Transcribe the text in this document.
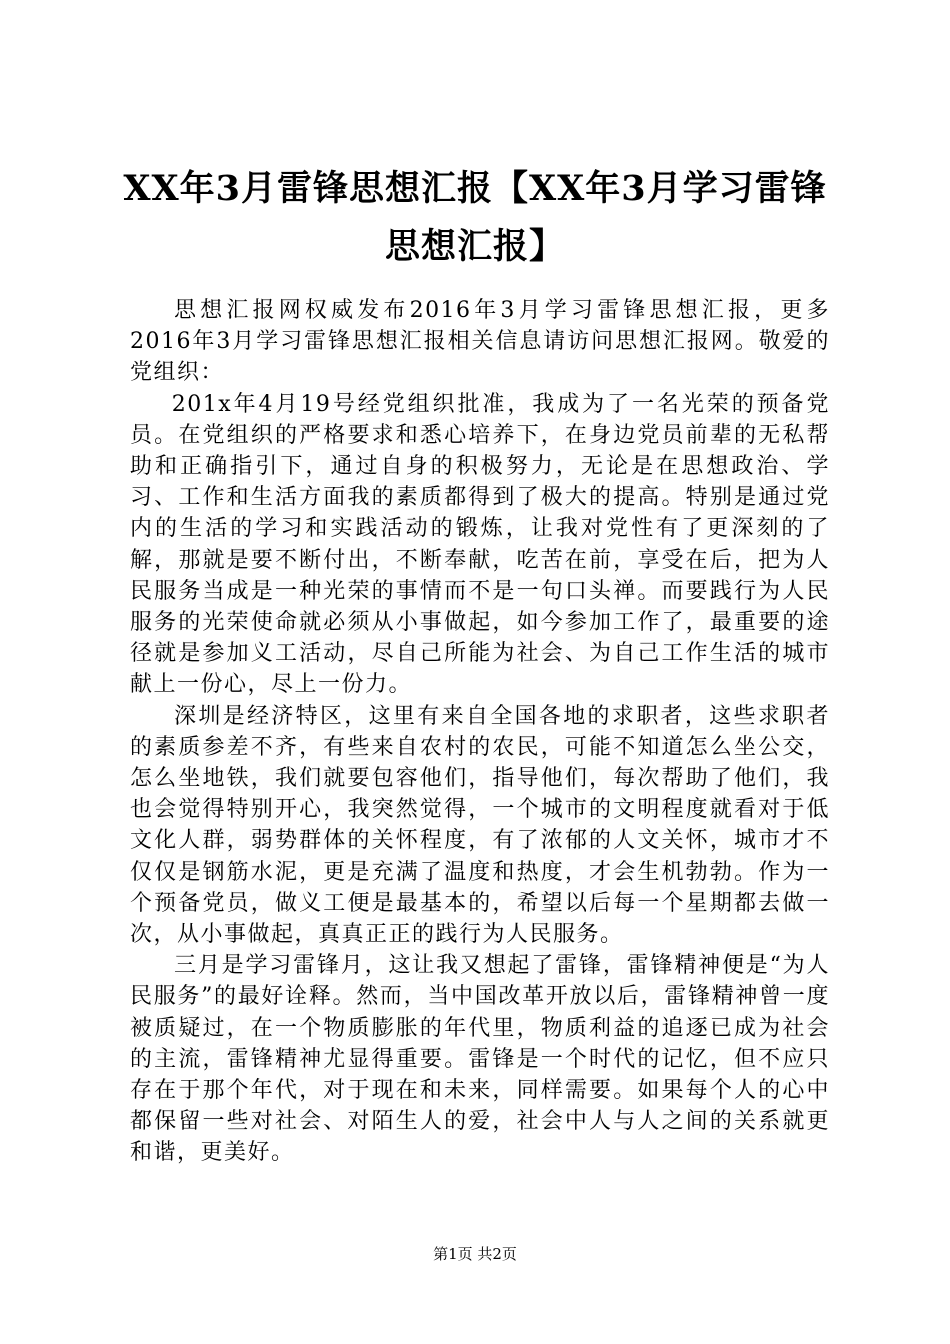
XX年3月雷锋思想汇报【XX年3月学习雷锋思想汇报】

思想汇报网权威发布2016年3月学习雷锋思想汇报，更多2016年3月学习雷锋思想汇报相关信息请访问思想汇报网。敬爱的党组织：

201x年4月19号经党组织批准，我成为了一名光荣的预备党员。在党组织的严格要求和悉心培养下，在身边党员前辈的无私帮助和正确指引下，通过自身的积极努力，无论是在思想政治、学习、工作和生活方面我的素质都得到了极大的提高。特别是通过党内的生活的学习和实践活动的锻炼，让我对党性有了更深刻的了解，那就是要不断付出，不断奉献，吃苦在前，享受在后，把为人民服务当成是一种光荣的事情而不是一句口头禅。而要践行为人民服务的光荣使命就必须从小事做起，如今参加工作了，最重要的途径就是参加义工活动，尽自己所能为社会、为自己工作生活的城市献上一份心，尽上一份力。

深圳是经济特区，这里有来自全国各地的求职者，这些求职者的素质参差不齐，有些来自农村的农民，可能不知道怎么坐公交，怎么坐地铁，我们就要包容他们，指导他们，每次帮助了他们，我也会觉得特别开心，我突然觉得，一个城市的文明程度就看对于低文化人群，弱势群体的关怀程度，有了浓郁的人文关怀，城市才不仅仅是钢筋水泥，更是充满了温度和热度，才会生机勃勃。作为一个预备党员，做义工便是最基本的，希望以后每一个星期都去做一次，从小事做起，真真正正的践行为人民服务。

三月是学习雷锋月，这让我又想起了雷锋，雷锋精神便是“为人民服务”的最好诠释。然而，当中国改革开放以后，雷锋精神曾一度被质疑过，在一个物质膨胀的年代里，物质利益的追逐已成为社会的主流，雷锋精神尤显得重要。雷锋是一个时代的记忆，但不应只存在于那个年代，对于现在和未来，同样需要。如果每个人的心中都保留一些对社会、对陌生人的爱，社会中人与人之间的关系就更和谐，更美好。

第1页 共2页
